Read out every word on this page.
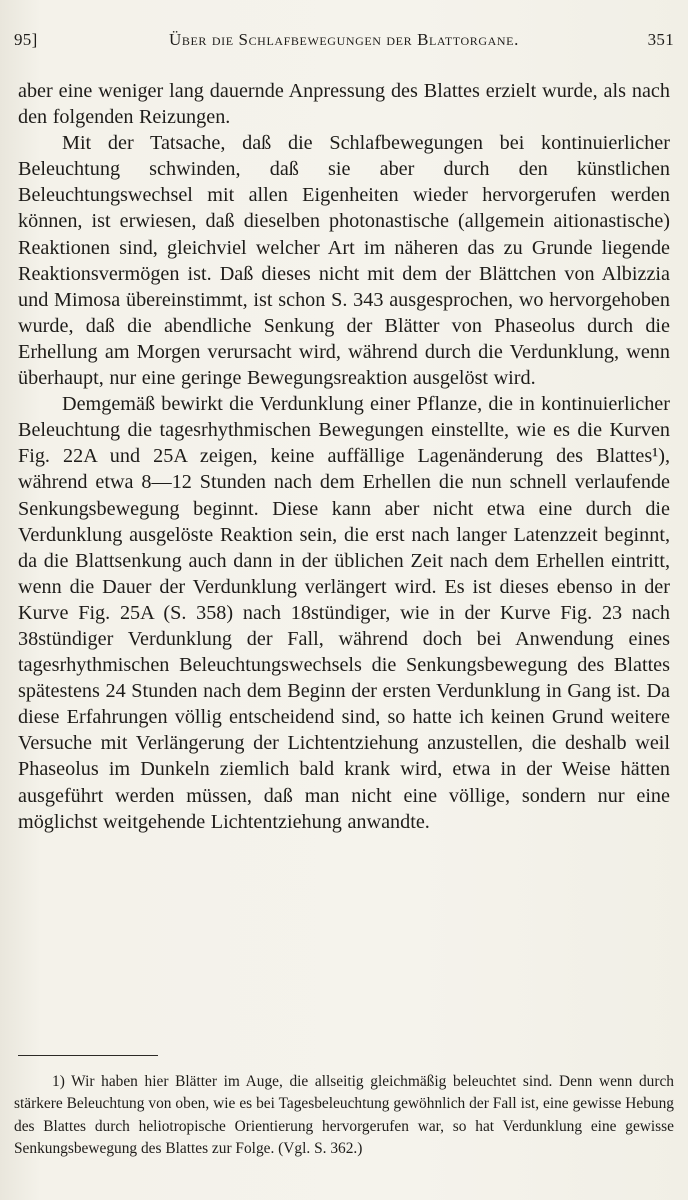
95]	Über die Schlafbewegungen der Blattorgane.	351

aber eine weniger lang dauernde Anpressung des Blattes erzielt wurde, als nach den folgenden Reizungen.

Mit der Tatsache, daß die Schlafbewegungen bei kontinuierlicher Beleuchtung schwinden, daß sie aber durch den künstlichen Beleuchtungswechsel mit allen Eigenheiten wieder hervorgerufen werden können, ist erwiesen, daß dieselben photonastische (allgemein aitionastische) Reaktionen sind, gleichviel welcher Art im näheren das zu Grunde liegende Reaktionsvermögen ist. Daß dieses nicht mit dem der Blättchen von Albizzia und Mimosa übereinstimmt, ist schon S. 343 ausgesprochen, wo hervorgehoben wurde, daß die abendliche Senkung der Blätter von Phaseolus durch die Erhellung am Morgen verursacht wird, während durch die Verdunklung, wenn überhaupt, nur eine geringe Bewegungsreaktion ausgelöst wird.

Demgemäß bewirkt die Verdunklung einer Pflanze, die in kontinuierlicher Beleuchtung die tagesrhythmischen Bewegungen einstellte, wie es die Kurven Fig. 22A und 25A zeigen, keine auffällige Lagenänderung des Blattes¹), während etwa 8—12 Stunden nach dem Erhellen die nun schnell verlaufende Senkungsbewegung beginnt. Diese kann aber nicht etwa eine durch die Verdunklung ausgelöste Reaktion sein, die erst nach langer Latenzzeit beginnt, da die Blattsenkung auch dann in der üblichen Zeit nach dem Erhellen eintritt, wenn die Dauer der Verdunklung verlängert wird. Es ist dieses ebenso in der Kurve Fig. 25A (S. 358) nach 18stündiger, wie in der Kurve Fig. 23 nach 38stündiger Verdunklung der Fall, während doch bei Anwendung eines tagesrhythmischen Beleuchtungswechsels die Senkungsbewegung des Blattes spätestens 24 Stunden nach dem Beginn der ersten Verdunklung in Gang ist. Da diese Erfahrungen völlig entscheidend sind, so hatte ich keinen Grund weitere Versuche mit Verlängerung der Lichtentziehung anzustellen, die deshalb weil Phaseolus im Dunkeln ziemlich bald krank wird, etwa in der Weise hätten ausgeführt werden müssen, daß man nicht eine völlige, sondern nur eine möglichst weitgehende Lichtentziehung anwandte.

1) Wir haben hier Blätter im Auge, die allseitig gleichmäßig beleuchtet sind. Denn wenn durch stärkere Beleuchtung von oben, wie es bei Tagesbeleuchtung gewöhnlich der Fall ist, eine gewisse Hebung des Blattes durch heliotropische Orientierung hervorgerufen war, so hat Verdunklung eine gewisse Senkungsbewegung des Blattes zur Folge. (Vgl. S. 362.)
